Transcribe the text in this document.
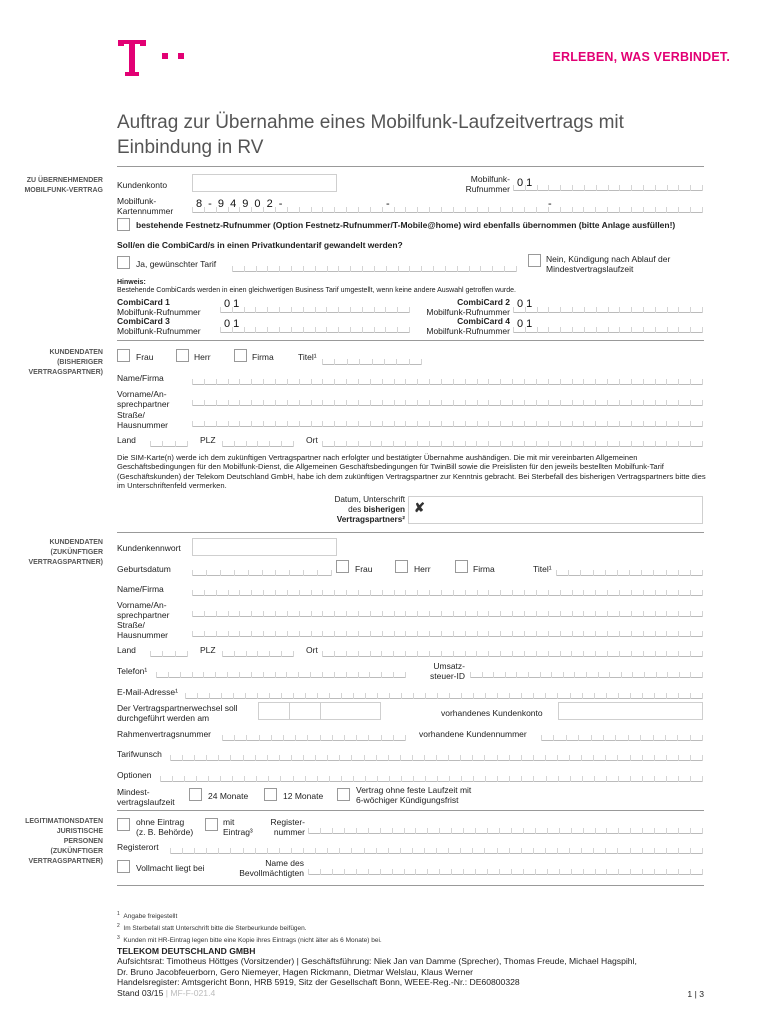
ERLEBEN, WAS VERBINDET.
Auftrag zur Übernahme eines Mobilfunk-Laufzeitvertrags mit
Einbindung in RV
ZU ÜBERNEHMENDER
MOBILFUNK-VERTRAG
Kundenkonto
Mobilfunk-
Rufnummer 0 1
Mobilfunk-
Kartennummer
8 - 9 4 9 0 2 -	-	-
bestehende Festnetz-Rufnummer (Option Festnetz-Rufnummer/T-Mobile@home) wird ebenfalls übernommen (bitte Anlage ausfüllen!)
Soll/en die CombiCard/s in einen Privatkundentarif gewandelt werden?
Ja, gewünschter Tarif	Nein, Kündigung nach Ablauf der
Mindestvertragslaufzeit
Hinweis:
Bestehende CombiCards werden in einen gleichwertigen Business Tarif umgestellt, wenn keine andere Auswahl getroffen wurde.
CombiCard 1
Mobilfunk-Rufnummer
0 1	CombiCard 2
Mobilfunk-Rufnummer
0 1
CombiCard 3
Mobilfunk-Rufnummer
0 1	CombiCard 4
Mobilfunk-Rufnummer
0 1
KUNDENDATEN
(BISHERIGER
VERTRAGSPARTNER)
Frau	Herr	Firma	Titel¹
Name/Firma
Vorname/An-
sprechpartner
Straße/
Hausnummer
Land	PLZ	Ort
Die SIM-Karte(n) werde ich dem zukünftigen Vertragspartner nach erfolgter und bestätigter Übernahme aushändigen. Die mit mir vereinbarten Allgemeinen Geschäftsbedingungen für den Mobilfunk-Dienst, die Allgemeinen Geschäftsbedingungen für TwinBill sowie die Preislisten für den jeweils bestellten Mobilfunk-Tarif (Geschäftskunden) der Telekom Deutschland GmbH, habe ich dem zukünftigen Vertragspartner zur Kenntnis gebracht. Bei Sterbefall des bisherigen Vertragspartners bitte dies im Unterschriftenfeld vermerken.
Datum, Unterschrift
des bisherigen
Vertragspartners²
✘
KUNDENDATEN
(ZUKÜNFTIGER
VERTRAGSPARTNER)
Kundenkennwort
Geburtsdatum	Frau	Herr	Firma	Titel¹
Name/Firma
Vorname/An-
sprechpartner
Straße/
Hausnummer
Land	PLZ	Ort
Telefon¹	Umsatz-
steuer-ID
E-Mail-Adresse¹
Der Vertragspartnerwechsel soll
durchgeführt werden am	vorhandenes Kundenkonto
Rahmenvertragsnummer	vorhandene Kundennummer
Tarifwunsch
Optionen
Mindest-
vertragslaufzeit
24 Monate	12 Monate
Vertrag ohne feste Laufzeit mit
6-wöchiger Kündigungsfrist
LEGITIMATIONSDATEN
JURISTISCHE
PERSONEN
(ZUKÜNFTIGER
VERTRAGSPARTNER)
ohne Eintrag
(z. B. Behörde)
mit
Eintrag³
Register-
nummer
Registerort
Vollmacht liegt bei	Name des
Bevollmächtigten
$^1$ Angabe freigestellt
$^2$ Im Sterbefall statt Unterschrift bitte die Sterbeurkunde beifügen.
$^3$ Kunden mit HR-Eintrag legen bitte eine Kopie ihres Eintrags (nicht älter als 6 Monate) bei.
TELEKOM DEUTSCHLAND GMBH
Aufsichtsrat: Timotheus Höttges (Vorsitzender) | Geschäftsführung: Niek Jan van Damme (Sprecher), Thomas Freude, Michael Hagspihl,
Dr. Bruno Jacobfeuerborn, Gero Niemeyer, Hagen Rickmann, Dietmar Welslau, Klaus Werner
Handelsregister: Amtsgericht Bonn, HRB 5919, Sitz der Gesellschaft Bonn, WEEE-Reg.-Nr.: DE60800328
Stand 03/15 | MF-F-021.4	1 | 3
